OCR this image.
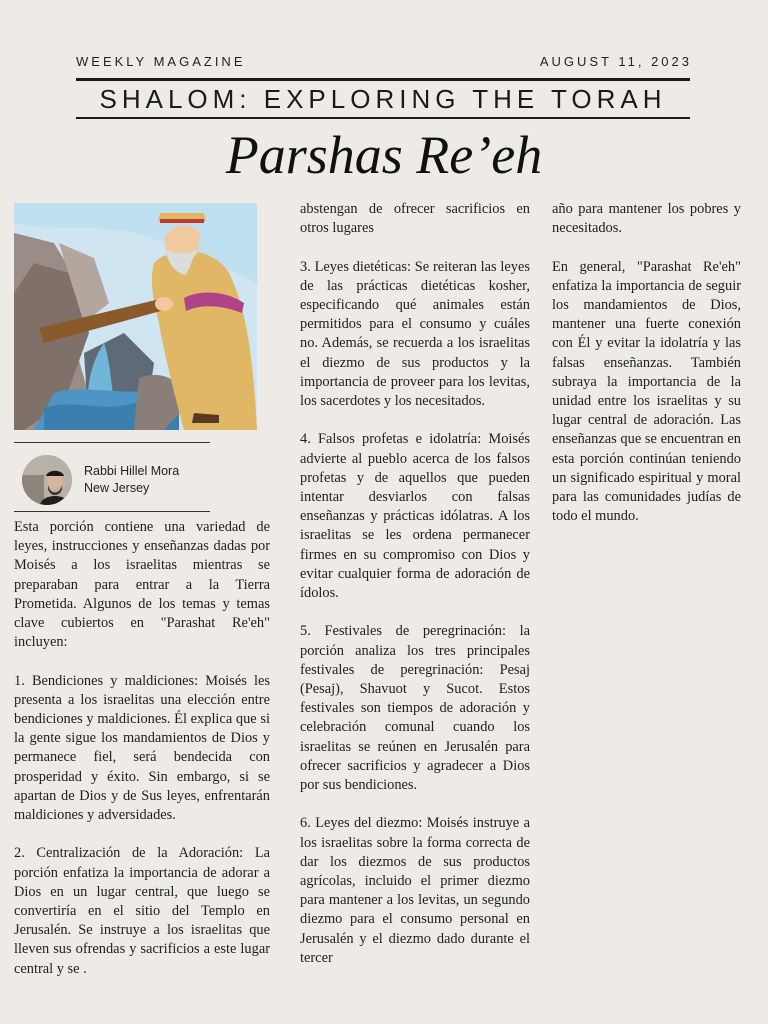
WEEKLY MAGAZINE	AUGUST 11, 2023
SHALOM: EXPLORING THE TORAH
Parshas Re’eh
Rabbi Hillel Mora
New Jersey

Esta porción contiene una variedad de leyes, instrucciones y enseñanzas dadas por Moisés a los israelitas mientras se preparaban para entrar a la Tierra Prometida. Algunos de los temas y temas clave cubiertos en "Parashat Re'eh" incluyen:

1. Bendiciones y maldiciones: Moisés les presenta a los israelitas una elección entre bendiciones y maldiciones. Él explica que si la gente sigue los mandamientos de Dios y permanece fiel, será bendecida con prosperidad y éxito. Sin embargo, si se apartan de Dios y de Sus leyes, enfrentarán maldiciones y adversidades.

2. Centralización de la Adoración: La porción enfatiza la importancia de adorar a Dios en un lugar central, que luego se convertiría en el sitio del Templo en Jerusalén. Se instruye a los israelitas que lleven sus ofrendas y sacrificios a este lugar central y se .

abstengan de ofrecer sacrificios en otros lugares

3. Leyes dietéticas: Se reiteran las leyes de las prácticas dietéticas kosher, especificando qué animales están permitidos para el consumo y cuáles no. Además, se recuerda a los israelitas el diezmo de sus productos y la importancia de proveer para los levitas, los sacerdotes y los necesitados.

4. Falsos profetas e idolatría: Moisés advierte al pueblo acerca de los falsos profetas y de aquellos que pueden intentar desviarlos con falsas enseñanzas y prácticas idólatras. A los israelitas se les ordena permanecer firmes en su compromiso con Dios y evitar cualquier forma de adoración de ídolos.

5. Festivales de peregrinación: la porción analiza los tres principales festivales de peregrinación: Pesaj (Pesaj), Shavuot y Sucot. Estos festivales son tiempos de adoración y celebración comunal cuando los israelitas se reúnen en Jerusalén para ofrecer sacrificios y agradecer a Dios por sus bendiciones.

6. Leyes del diezmo: Moisés instruye a los israelitas sobre la forma correcta de dar los diezmos de sus productos agrícolas, incluido el primer diezmo para mantener a los levitas, un segundo diezmo para el consumo personal en Jerusalén y el diezmo dado durante el tercer

año para mantener los pobres y necesitados.

En general, "Parashat Re'eh" enfatiza la importancia de seguir los mandamientos de Dios, mantener una fuerte conexión con Él y evitar la idolatría y las falsas enseñanzas. También subraya la importancia de la unidad entre los israelitas y su lugar central de adoración. Las enseñanzas que se encuentran en esta porción continúan teniendo un significado espiritual y moral para las comunidades judías de todo el mundo.
